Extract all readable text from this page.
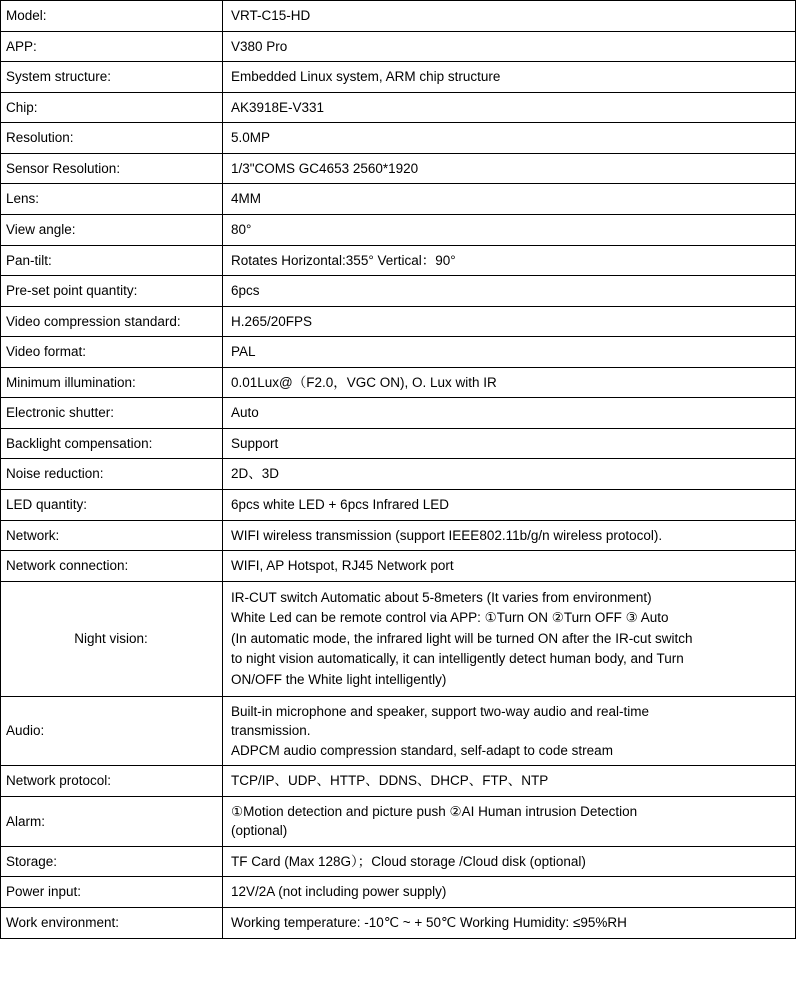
Model:	VRT-C15-HD
APP:	V380 Pro
System structure:	Embedded Linux system, ARM chip structure
Chip:	AK3918E-V331
Resolution:	5.0MP
Sensor Resolution:	1/3"COMS GC4653 2560*1920
Lens:	4MM
View angle:	80°
Pan-tilt:	Rotates Horizontal:355° Vertical：90°
Pre-set point quantity:	6pcs
Video compression standard:	H.265/20FPS
Video format:	PAL
Minimum illumination:	0.01Lux@（F2.0，VGC ON), O. Lux with IR
Electronic shutter:	Auto
Backlight compensation:	Support
Noise reduction:	2D、3D
LED quantity:	6pcs white LED + 6pcs Infrared LED
Network:	WIFI wireless transmission (support IEEE802.11b/g/n wireless protocol).
Network connection:	WIFI, AP Hotspot, RJ45 Network port
Night vision:	IR-CUT switch Automatic about 5-8meters (It varies from environment)
White Led can be remote control via APP: ①Turn ON ②Turn OFF ③ Auto
(In automatic mode, the infrared light will be turned ON after the IR-cut switch
to night vision automatically, it can intelligently detect human body, and Turn
ON/OFF the White light intelligently)

Audio:	Built-in microphone and speaker, support two-way audio and real-time
transmission.
ADPCM audio compression standard, self-adapt to code stream

Network protocol:	TCP/IP、UDP、HTTP、DDNS、DHCP、FTP、NTP
Alarm:	①Motion detection and picture push ②AI Human intrusion Detection
(optional)

Storage:	TF Card (Max 128G）；Cloud storage /Cloud disk (optional)
Power input:	12V/2A (not including power supply)
Work environment:	Working temperature: -10℃ ~ + 50℃ Working Humidity: ≤95%RH
